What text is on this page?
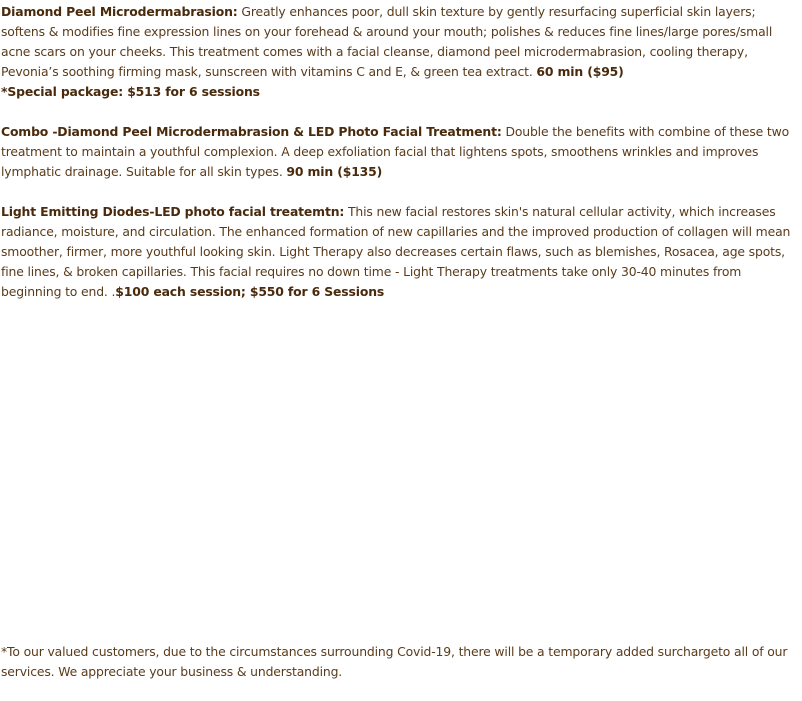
Diamond Peel Microdermabrasion: Greatly enhances poor, dull skin texture by gently resurfacing superficial skin layers; softens & modifies fine expression lines on your forehead & around your mouth; polishes & reduces fine lines/large pores/small acne scars on your cheeks. This treatment comes with a facial cleanse, diamond peel microdermabrasion, cooling therapy, Pevonia’s soothing firming mask, sunscreen with vitamins C and E, & green tea extract. 60 min ($95)
*Special package: $513 for 6 sessions

Combo -Diamond Peel Microdermabrasion & LED Photo Facial Treatment: Double the benefits with combine of these two treatment to maintain a youthful complexion. A deep exfoliation facial that lightens spots, smoothens wrinkles and improves lymphatic drainage. Suitable for all skin types. 90 min ($135)

Light Emitting Diodes-LED photo facial treatemtn: This new facial restores skin's natural cellular activity, which increases radiance, moisture, and circulation. The enhanced formation of new capillaries and the improved production of collagen will mean smoother, firmer, more youthful looking skin. Light Therapy also decreases certain flaws, such as blemishes, Rosacea, age spots, fine lines, & broken capillaries. This facial requires no down time - Light Therapy treatments take only 30-40 minutes from beginning to end. .$100 each session; $550 for 6 Sessions

*To our valued customers, due to the circumstances surrounding Covid-19, there will be a temporary added surchargeto all of our services. We appreciate your business & understanding.
